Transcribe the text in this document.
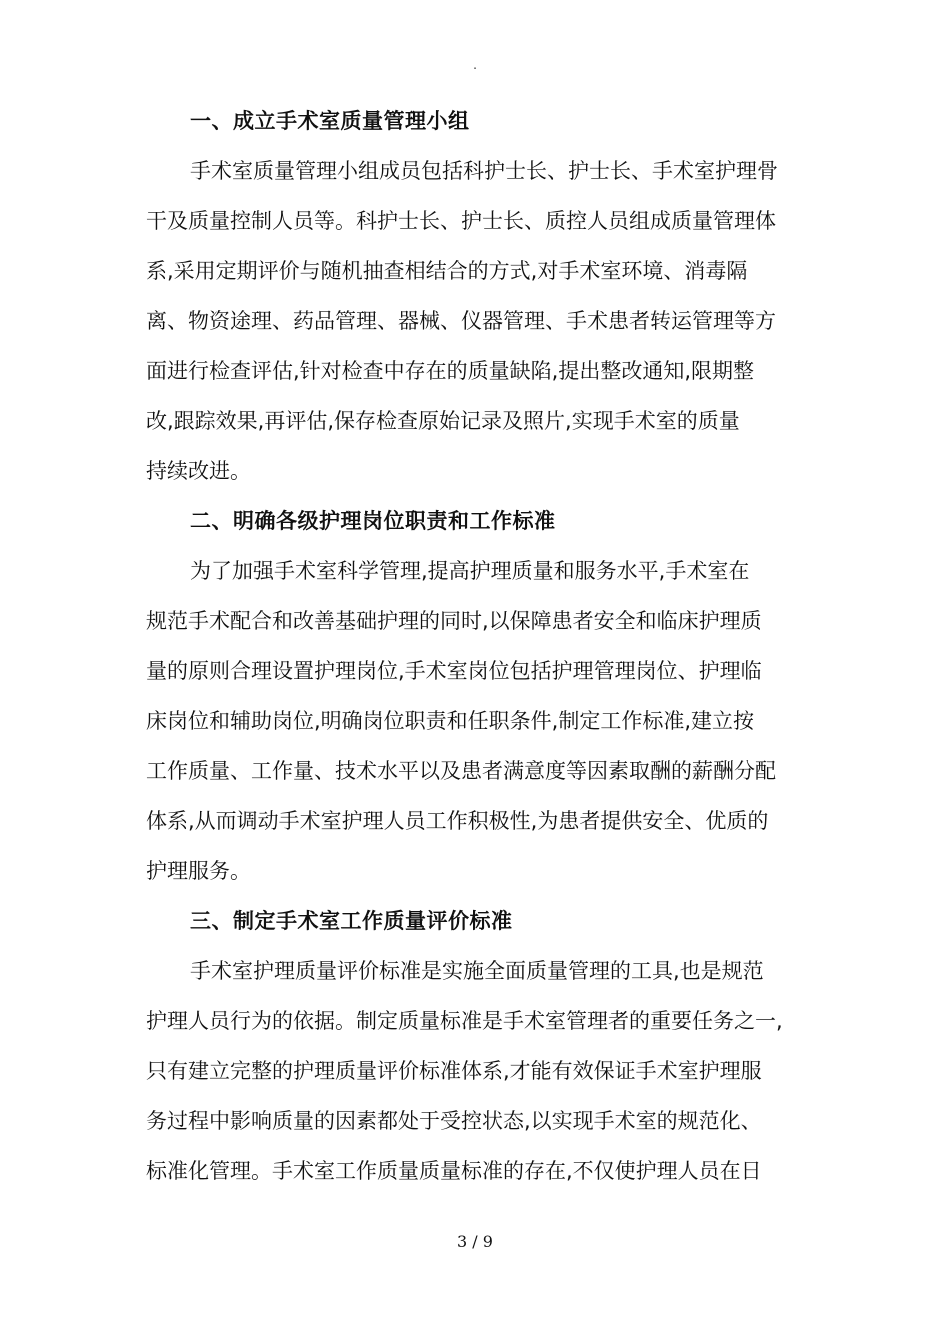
.
一、成立手术室质量管理小组
手术室质量管理小组成员包括科护士长、护士长、手术室护理骨
干及质量控制人员等。科护士长、护士长、质控人员组成质量管理体
系,采用定期评价与随机抽查相结合的方式,对手术室环境、消毒隔
离、物资途理、药品管理、器械、仪器管理、手术患者转运管理等方
面进行检查评估,针对检查中存在的质量缺陷,提出整改通知,限期整
改,跟踪效果,再评估,保存检查原始记录及照片,实现手术室的质量
持续改进。
二、明确各级护理岗位职责和工作标准
为了加强手术室科学管理,提高护理质量和服务水平,手术室在
规范手术配合和改善基础护理的同时,以保障患者安全和临床护理质
量的原则合理设置护理岗位,手术室岗位包括护理管理岗位、护理临
床岗位和辅助岗位,明确岗位职责和任职条件,制定工作标准,建立按
工作质量、工作量、技术水平以及患者满意度等因素取酬的薪酬分配
体系,从而调动手术室护理人员工作积极性,为患者提供安全、优质的
护理服务。
三、制定手术室工作质量评价标准
手术室护理质量评价标准是实施全面质量管理的工具,也是规范
护理人员行为的依据。制定质量标准是手术室管理者的重要任务之一,
只有建立完整的护理质量评价标准体系,才能有效保证手术室护理服
务过程中影响质量的因素都处于受控状态,以实现手术室的规范化、
标准化管理。手术室工作质量质量标准的存在,不仅使护理人员在日
3 / 9
